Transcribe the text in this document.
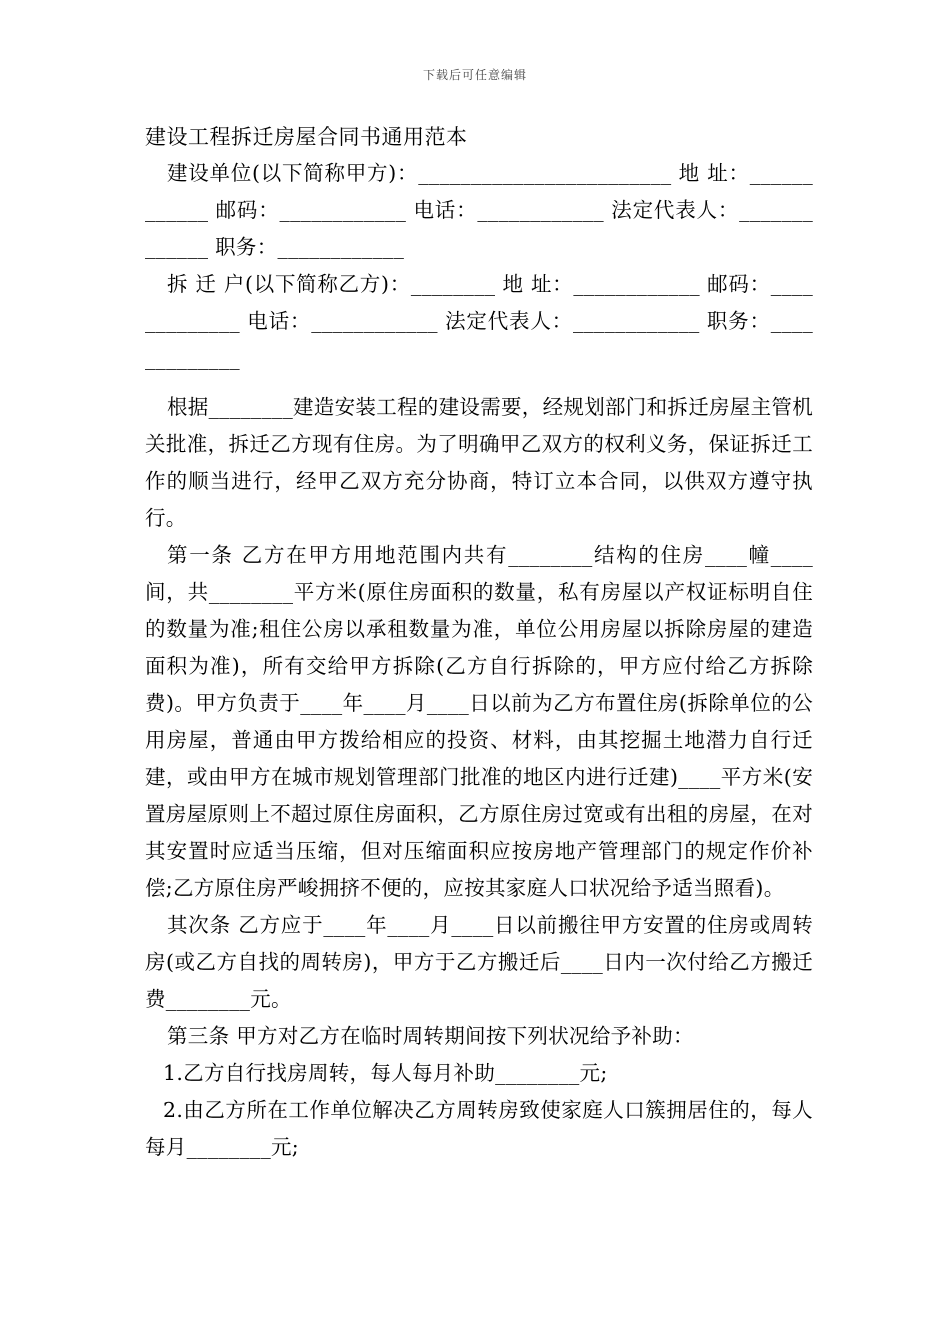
下载后可任意编辑
建设工程拆迁房屋合同书通用范本

建设单位(以下简称甲方)：________________________ 地 址：____________ 邮码：____________ 电话：____________ 法定代表人：_____________ 职务：____________

拆 迁 户(以下简称乙方)：________ 地 址：____________ 邮码：_____________ 电话：____________ 法定代表人：____________ 职务：_____________

根据________建造安装工程的建设需要，经规划部门和拆迁房屋主管机关批准，拆迁乙方现有住房。为了明确甲乙双方的权利义务，保证拆迁工作的顺当进行，经甲乙双方充分协商，特订立本合同，以供双方遵守执行。

第一条 乙方在甲方用地范围内共有________结构的住房____幢____间，共________平方米(原住房面积的数量，私有房屋以产权证标明自住的数量为准;租住公房以承租数量为准，单位公用房屋以拆除房屋的建造面积为准)，所有交给甲方拆除(乙方自行拆除的，甲方应付给乙方拆除费)。甲方负责于____年____月____日以前为乙方布置住房(拆除单位的公用房屋，普通由甲方拨给相应的投资、材料，由其挖掘土地潜力自行迁建，或由甲方在城市规划管理部门批准的地区内进行迁建)____平方米(安置房屋原则上不超过原住房面积，乙方原住房过宽或有出租的房屋，在对其安置时应适当压缩，但对压缩面积应按房地产管理部门的规定作价补偿;乙方原住房严峻拥挤不便的，应按其家庭人口状况给予适当照看)。

其次条 乙方应于____年____月____日以前搬往甲方安置的住房或周转房(或乙方自找的周转房)，甲方于乙方搬迁后____日内一次付给乙方搬迁费________元。

第三条 甲方对乙方在临时周转期间按下列状况给予补助：

1.乙方自行找房周转，每人每月补助________元;

2.由乙方所在工作单位解决乙方周转房致使家庭人口簇拥居住的，每人每月________元;
